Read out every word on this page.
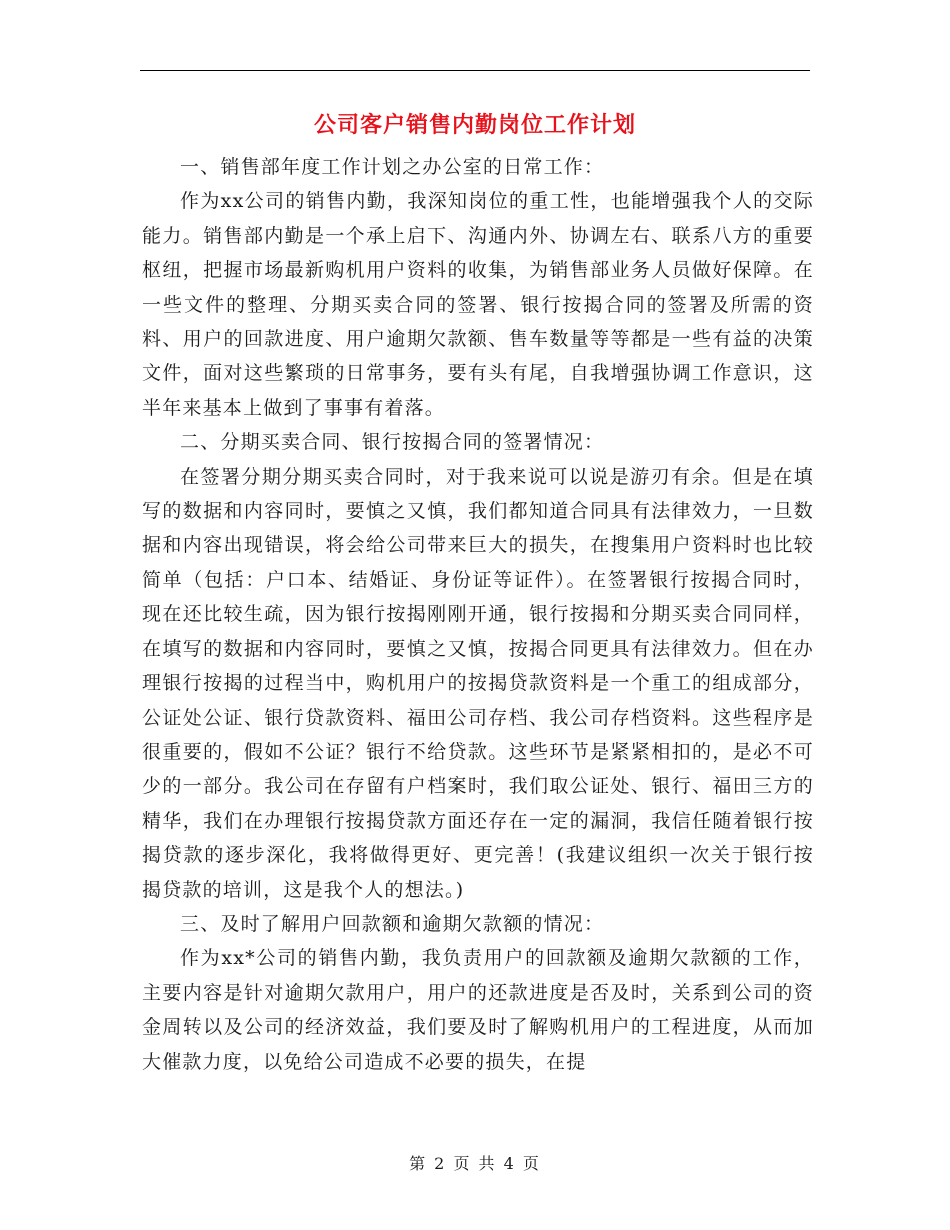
公司客户销售内勤岗位工作计划

一、销售部年度工作计划之办公室的日常工作：

作为xx公司的销售内勤，我深知岗位的重工性，也能增强我个人的交际能力。销售部内勤是一个承上启下、沟通内外、协调左右、联系八方的重要枢纽，把握市场最新购机用户资料的收集，为销售部业务人员做好保障。在一些文件的整理、分期买卖合同的签署、银行按揭合同的签署及所需的资料、用户的回款进度、用户逾期欠款额、售车数量等等都是一些有益的决策文件，面对这些繁琐的日常事务，要有头有尾，自我增强协调工作意识，这半年来基本上做到了事事有着落。

二、分期买卖合同、银行按揭合同的签署情况：

在签署分期分期买卖合同时，对于我来说可以说是游刃有余。但是在填写的数据和内容同时，要慎之又慎，我们都知道合同具有法律效力，一旦数据和内容出现错误，将会给公司带来巨大的损失，在搜集用户资料时也比较简单（包括：户口本、结婚证、身份证等证件）。在签署银行按揭合同时，现在还比较生疏，因为银行按揭刚刚开通，银行按揭和分期买卖合同同样，在填写的数据和内容同时，要慎之又慎，按揭合同更具有法律效力。但在办理银行按揭的过程当中，购机用户的按揭贷款资料是一个重工的组成部分，公证处公证、银行贷款资料、福田公司存档、我公司存档资料。这些程序是很重要的，假如不公证？银行不给贷款。这些环节是紧紧相扣的，是必不可少的一部分。我公司在存留有户档案时，我们取公证处、银行、福田三方的精华，我们在办理银行按揭贷款方面还存在一定的漏洞，我信任随着银行按揭贷款的逐步深化，我将做得更好、更完善！(我建议组织一次关于银行按揭贷款的培训，这是我个人的想法。)

三、及时了解用户回款额和逾期欠款额的情况：

作为xx*公司的销售内勤，我负责用户的回款额及逾期欠款额的工作，主要内容是针对逾期欠款用户，用户的还款进度是否及时，关系到公司的资金周转以及公司的经济效益，我们要及时了解购机用户的工程进度，从而加大催款力度，以免给公司造成不必要的损失，在提

第 2 页 共 4 页
